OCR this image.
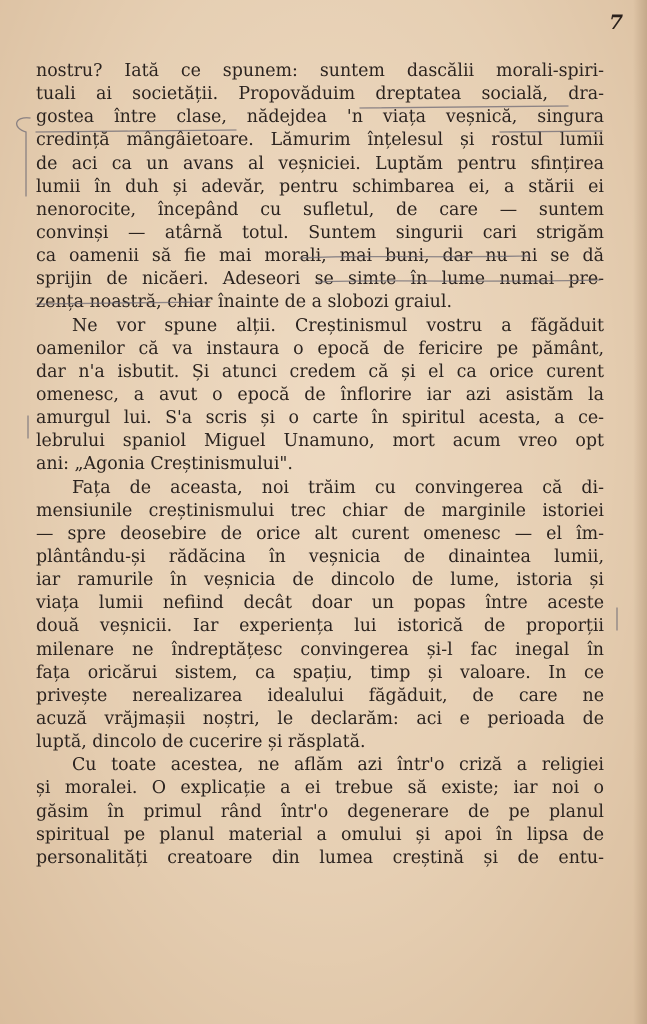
7
nostru? Iată ce spunem: suntem dascălii morali-spiri-
tuali ai societății. Propovăduim dreptatea socială, dra-
gostea între clase, nădejdea 'n viața veșnică, singura
credință mângâietoare. Lămurim înțelesul și rostul lumii
de aci ca un avans al veșniciei. Luptăm pentru sfințirea
lumii în duh și adevăr, pentru schimbarea ei, a stării ei
nenorocite, începând cu sufletul, de care — suntem
convinși — atârnă totul. Suntem singurii cari strigăm
ca oamenii să fie mai morali, mai buni, dar nu ni se dă
sprijin de nicăeri. Adeseori se simte în lume numai pre-
zența noastră, chiar înainte de a slobozi graiul.
Ne vor spune alții. Creștinismul vostru a făgăduit
oamenilor că va instaura o epocă de fericire pe pământ,
dar n'a isbutit. Și atunci credem că și el ca orice curent
omenesc, a avut o epocă de înflorire iar azi asistăm la
amurgul lui. S'a scris și o carte în spiritul acesta, a ce-
lebrului spaniol Miguel Unamuno, mort acum vreo opt
ani: „Agonia Creștinismului".
Fața de aceasta, noi trăim cu convingerea că di-
mensiunile creștinismului trec chiar de marginile istoriei
— spre deosebire de orice alt curent omenesc — el îm-
plântându-și rădăcina în veșnicia de dinaintea lumii,
iar ramurile în veșnicia de dincolo de lume, istoria și
viața lumii nefiind decât doar un popas între aceste
două veșnicii. Iar experiența lui istorică de proporții
milenare ne îndreptățesc convingerea și-l fac inegal în
fața oricărui sistem, ca spațiu, timp și valoare. In ce
privește nerealizarea idealului făgăduit, de care ne
acuză vrăjmașii noștri, le declarăm: aci e perioada de
luptă, dincolo de cucerire și răsplată.
Cu toate acestea, ne aflăm azi într'o criză a religiei
și moralei. O explicație a ei trebue să existe; iar noi o
găsim în primul rând într'o degenerare de pe planul
spiritual pe planul material a omului și apoi în lipsa de
personalități creatoare din lumea creștină și de entu-
